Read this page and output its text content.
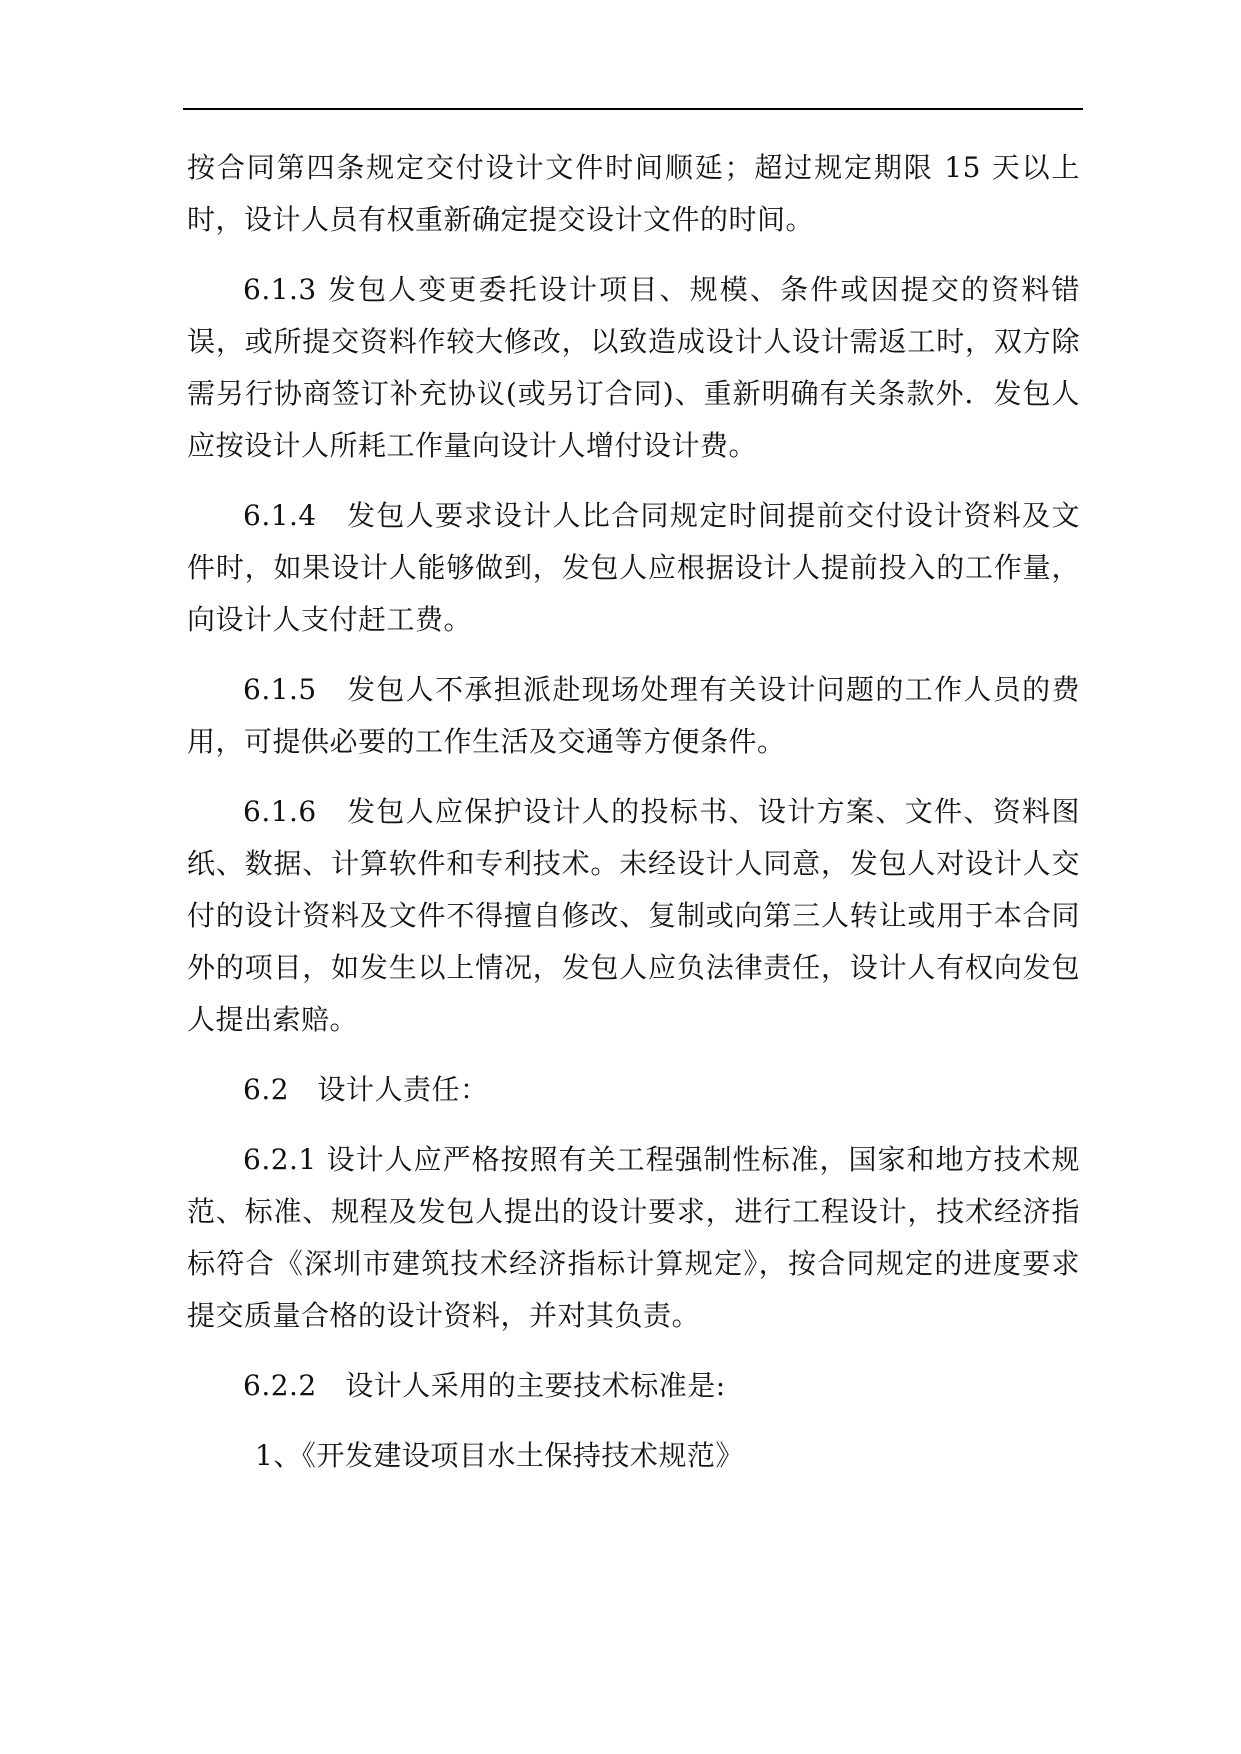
按合同第四条规定交付设计文件时间顺延；超过规定期限 15 天以上时，设计人员有权重新确定提交设计文件的时间。

6.1.3 发包人变更委托设计项目、规模、条件或因提交的资料错误，或所提交资料作较大修改，以致造成设计人设计需返工时，双方除需另行协商签订补充协议(或另订合同)、重新明确有关条款外．发包人应按设计人所耗工作量向设计人增付设计费。

6.1.4　发包人要求设计人比合同规定时间提前交付设计资料及文件时，如果设计人能够做到，发包人应根据设计人提前投入的工作量，向设计人支付赶工费。

6.1.5　发包人不承担派赴现场处理有关设计问题的工作人员的费用，可提供必要的工作生活及交通等方便条件。

6.1.6　发包人应保护设计人的投标书、设计方案、文件、资料图纸、数据、计算软件和专利技术。未经设计人同意，发包人对设计人交付的设计资料及文件不得擅自修改、复制或向第三人转让或用于本合同外的项目，如发生以上情况，发包人应负法律责任，设计人有权向发包人提出索赔。

6.2　设计人责任：

6.2.1 设计人应严格按照有关工程强制性标准，国家和地方技术规范、标准、规程及发包人提出的设计要求，进行工程设计，技术经济指标符合《深圳市建筑技术经济指标计算规定》，按合同规定的进度要求提交质量合格的设计资料，并对其负责。

6.2.2　设计人采用的主要技术标准是:

1、《开发建设项目水土保持技术规范》
